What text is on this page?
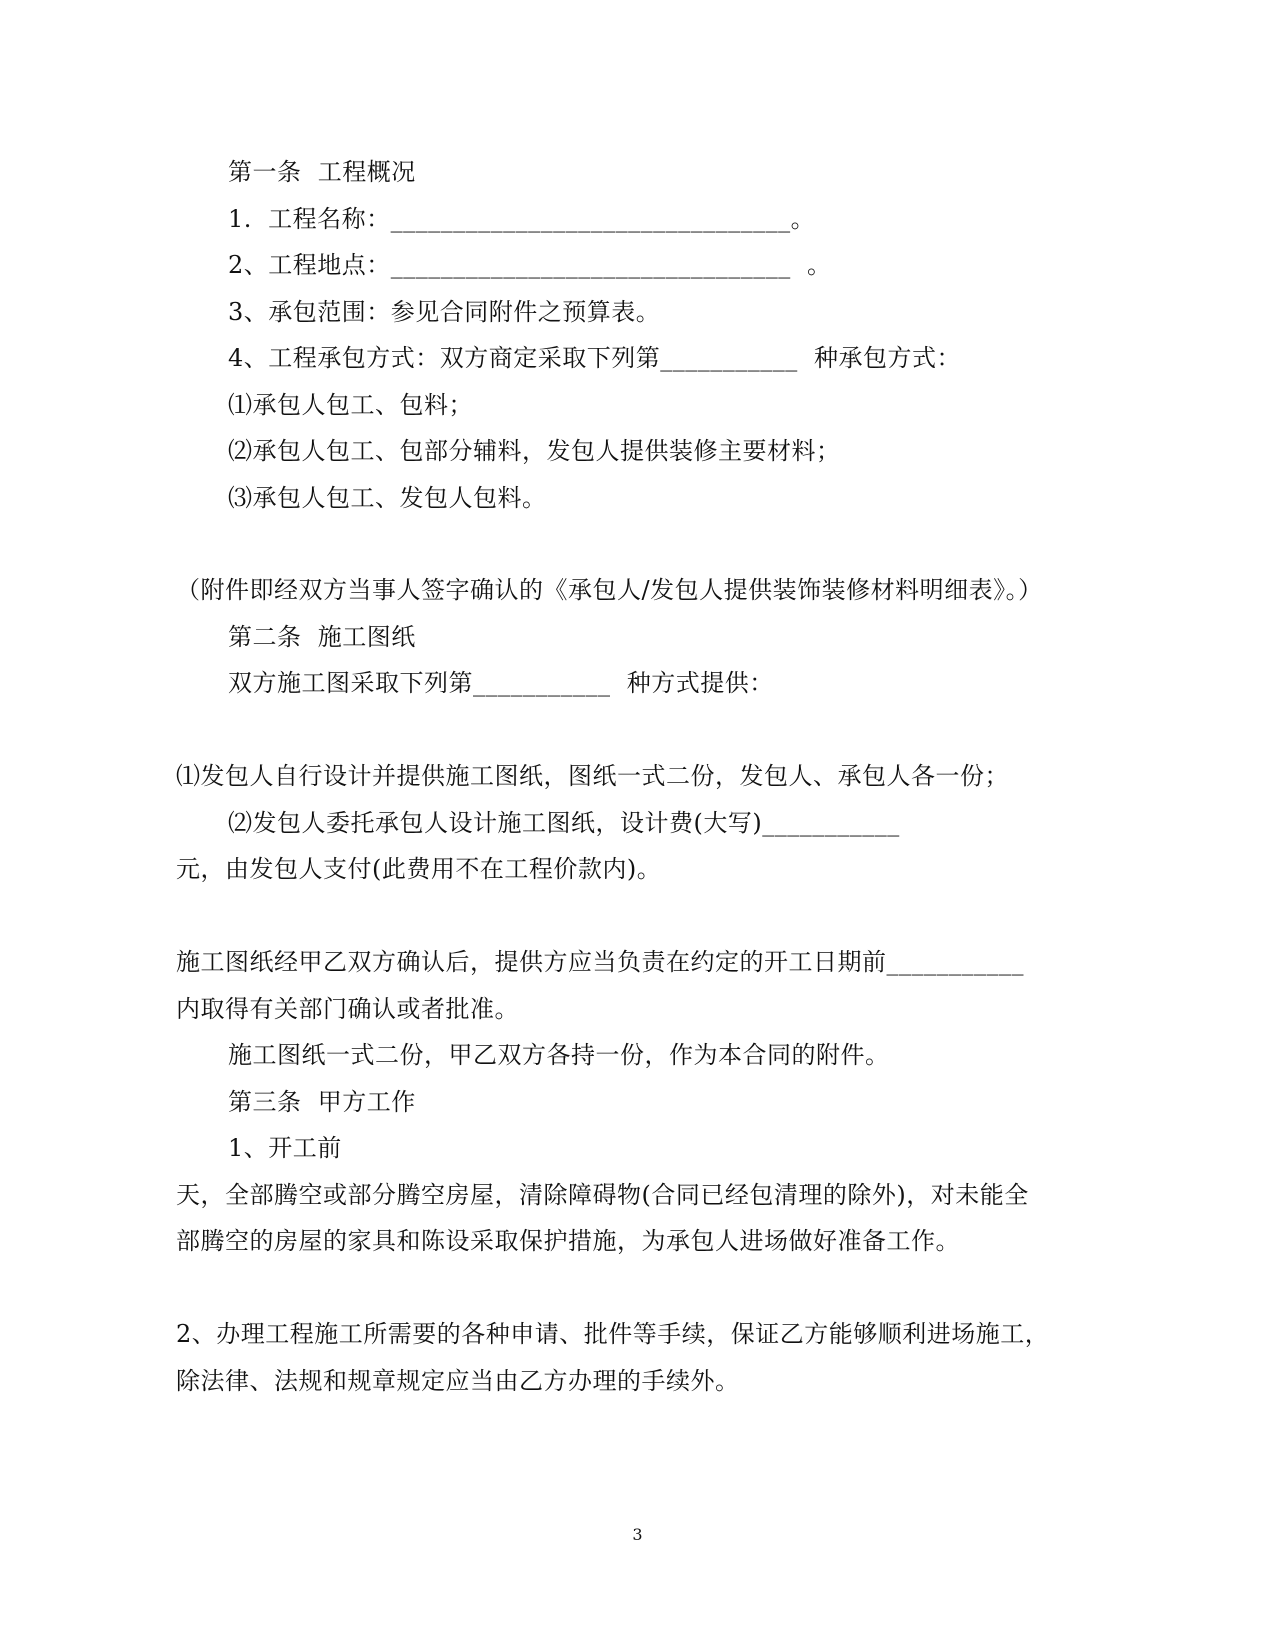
第一条  工程概况
1.  工程名称：________________________________。
2、工程地点：________________________________  。
3、承包范围：参见合同附件之预算表。
4、工程承包方式：双方商定采取下列第___________  种承包方式：
⑴承包人包工、包料；
⑵承包人包工、包部分辅料，发包人提供装修主要材料；
⑶承包人包工、发包人包料。
（附件即经双方当事人签字确认的《承包人/发包人提供装饰装修材料明细表》。）
第二条  施工图纸
双方施工图采取下列第___________  种方式提供：
⑴发包人自行设计并提供施工图纸，图纸一式二份，发包人、承包人各一份；
⑵发包人委托承包人设计施工图纸，设计费(大写)___________
元，由发包人支付(此费用不在工程价款内)。
施工图纸经甲乙双方确认后，提供方应当负责在约定的开工日期前___________
内取得有关部门确认或者批准。
施工图纸一式二份，甲乙双方各持一份，作为本合同的附件。
第三条  甲方工作
1、开工前
天，全部腾空或部分腾空房屋，清除障碍物(合同已经包清理的除外)，对未能全
部腾空的房屋的家具和陈设采取保护措施，为承包人进场做好准备工作。
2、办理工程施工所需要的各种申请、批件等手续，保证乙方能够顺利进场施工，
除法律、法规和规章规定应当由乙方办理的手续外。
3
